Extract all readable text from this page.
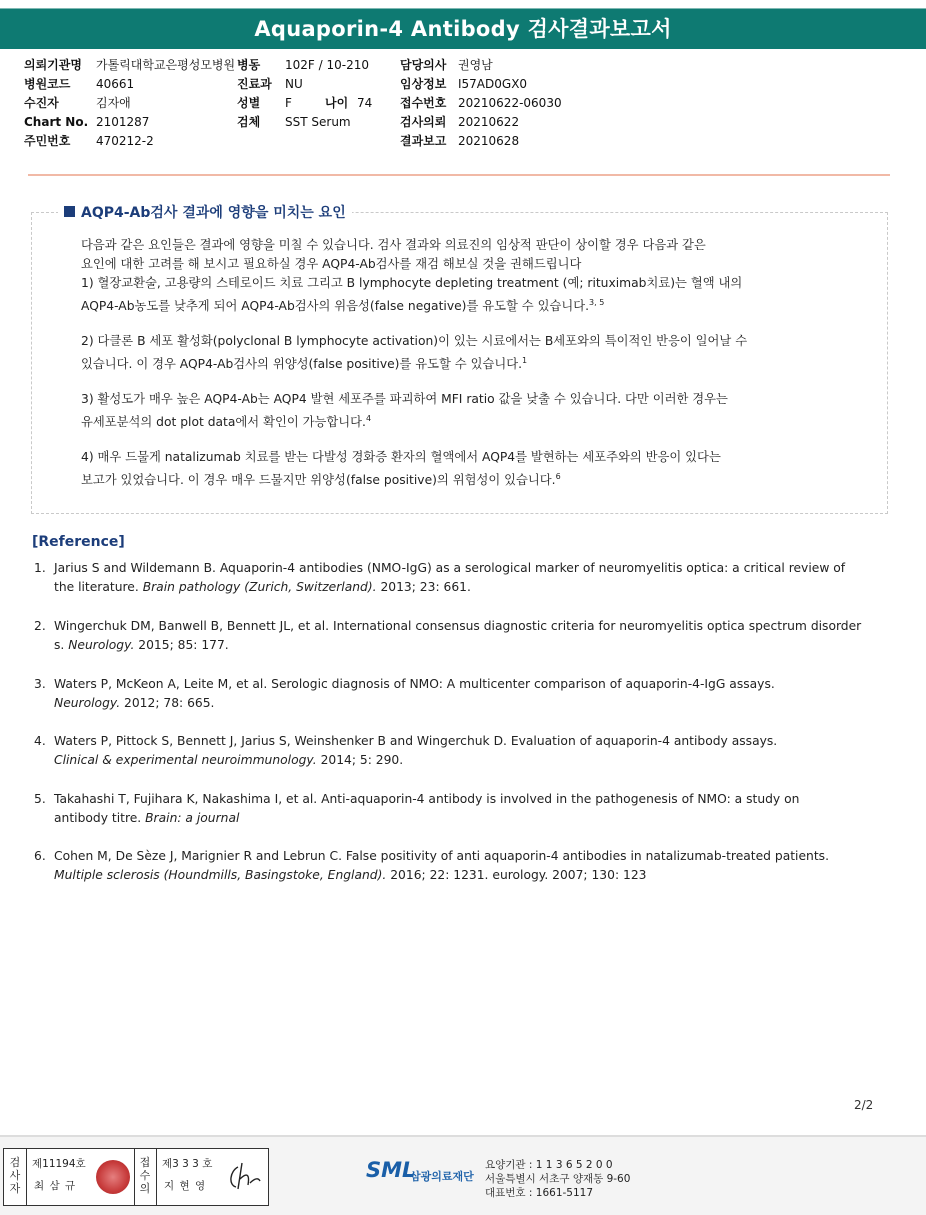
Aquaporin-4 Antibody 검사결과보고서
의뢰기관명 가톨릭대학교은평성모병원
병원코드 40661
수진자	김자애
Chart No. 2101287
주민번호 470212-2
병동 102F / 10-210
진료과 NU
성별 F	나이 74
검체 SST Serum
담당의사 권영남
임상정보 I57AD0GX0
접수번호 20210622-06030
검사의뢰 20210622
결과보고 20210628
AQP4-Ab검사 결과에 영향을 미치는 요인
다음과 같은 요인들은 결과에 영향을 미칠 수 있습니다. 검사 결과와 의료진의 임상적 판단이 상이할 경우 다음과 같은
요인에 대한 고려를 해 보시고 필요하실 경우 AQP4-Ab검사를 재검 해보실 것을 권해드립니다
1) 혈장교환술, 고용량의 스테로이드 치료 그리고 B lymphocyte depleting treatment (예; rituximab치료)는 혈액 내의
AQP4-Ab농도를 낮추게 되어 AQP4-Ab검사의 위음성(false negative)를 유도할 수 있습니다.$^{3, 5}$
2) 다클론 B 세포 활성화(polyclonal B lymphocyte activation)이 있는 시료에서는 B세포와의 특이적인 반응이 일어날 수
있습니다. 이 경우 AQP4-Ab검사의 위양성(false positive)를 유도할 수 있습니다.$^1$
3) 활성도가 매우 높은 AQP4-Ab는 AQP4 발현 세포주를 파괴하여 MFI ratio 값을 낮출 수 있습니다. 다만 이러한 경우는
유세포분석의 dot plot data에서 확인이 가능합니다.$^4$
4) 매우 드물게 natalizumab 치료를 받는 다발성 경화증 환자의 혈액에서 AQP4를 발현하는 세포주와의 반응이 있다는
보고가 있었습니다. 이 경우 매우 드물지만 위양성(false positive)의 위험성이 있습니다.$^6$
[Reference]
1. Jarius S and Wildemann B. Aquaporin-4 antibodies (NMO-IgG) as a serological marker of neuromyelitis optica: a critical review of
the literature. Brain pathology (Zurich, Switzerland). 2013; 23: 661.
2. Wingerchuk DM, Banwell B, Bennett JL, et al. International consensus diagnostic criteria for neuromyelitis optica spectrum disorder
s. Neurology. 2015; 85: 177.
3. Waters P, McKeon A, Leite M, et al. Serologic diagnosis of NMO: A multicenter comparison of aquaporin-4-IgG assays.
Neurology. 2012; 78: 665.
4. Waters P, Pittock S, Bennett J, Jarius S, Weinshenker B and Wingerchuk D. Evaluation of aquaporin-4 antibody assays.
Clinical & experimental neuroimmunology. 2014; 5: 290.
5. Takahashi T, Fujihara K, Nakashima I, et al. Anti-aquaporin-4 antibody is involved in the pathogenesis of NMO: a study on
antibody titre. Brain: a journal
6. Cohen M, De Sèze J, Marignier R and Lebrun C. False positivity of anti aquaporin-4 antibodies in natalizumab-treated patients.
Multiple sclerosis (Houndmills, Basingstoke, England). 2016; 22: 1231. eurology. 2007; 130: 123
2/2
검사자
제11194호
최 삼 규
접수의
제3 3 3 호
지 현 영
SML
삼광의료재단
요양기관 : 1 1 3 6 5 2 0 0
서울특별시 서초구 양재동 9-60
대표번호 : 1661-5117
